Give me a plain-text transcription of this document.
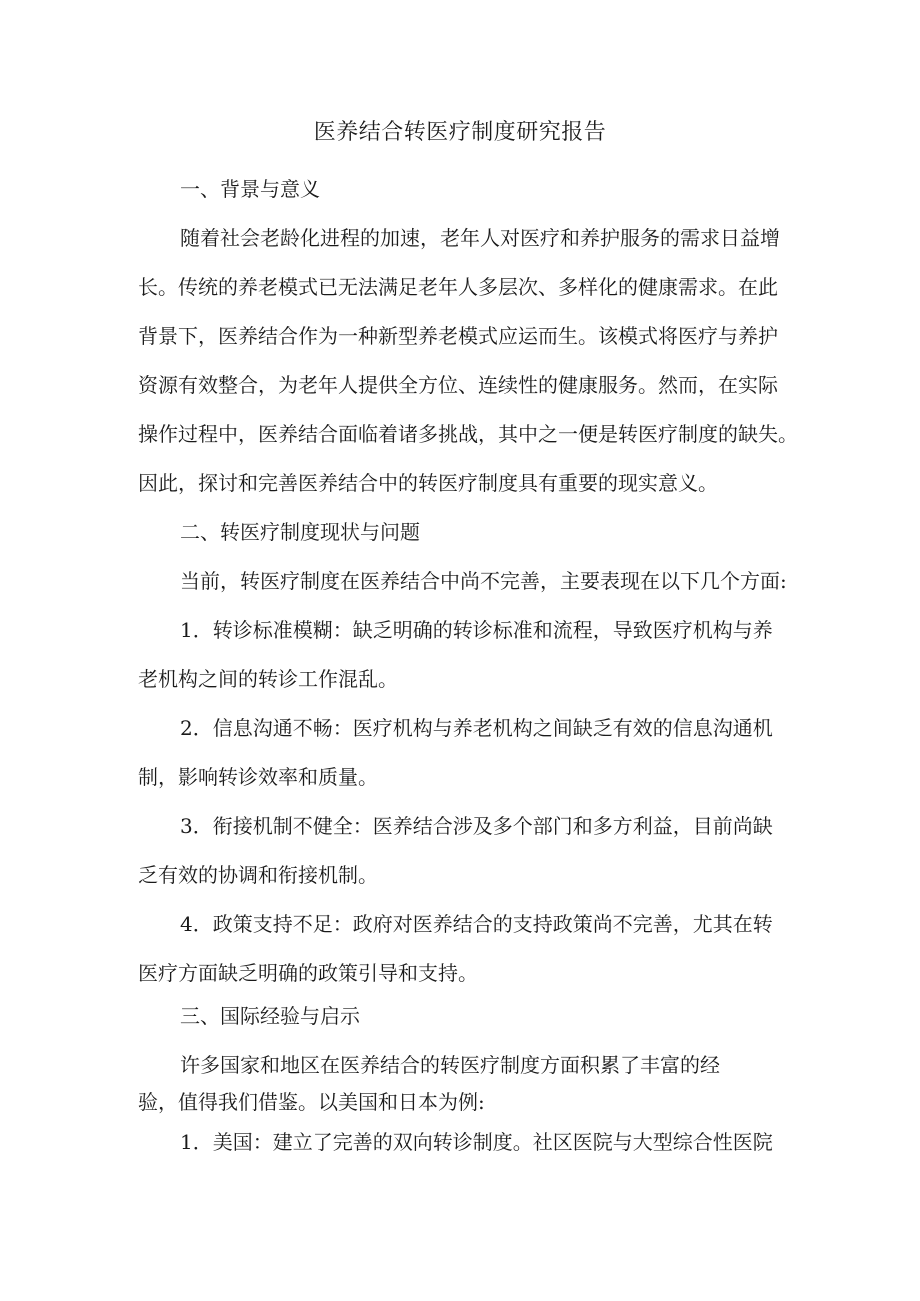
医养结合转医疗制度研究报告
一、背景与意义
随着社会老龄化进程的加速，老年人对医疗和养护服务的需求日益增
长。传统的养老模式已无法满足老年人多层次、多样化的健康需求。在此
背景下，医养结合作为一种新型养老模式应运而生。该模式将医疗与养护
资源有效整合，为老年人提供全方位、连续性的健康服务。然而，在实际
操作过程中，医养结合面临着诸多挑战，其中之一便是转医疗制度的缺失。
因此，探讨和完善医养结合中的转医疗制度具有重要的现实意义。
二、转医疗制度现状与问题
当前，转医疗制度在医养结合中尚不完善，主要表现在以下几个方面:
1．转诊标准模糊：缺乏明确的转诊标准和流程，导致医疗机构与养
老机构之间的转诊工作混乱。
2．信息沟通不畅：医疗机构与养老机构之间缺乏有效的信息沟通机
制，影响转诊效率和质量。
3．衔接机制不健全：医养结合涉及多个部门和多方利益，目前尚缺
乏有效的协调和衔接机制。
4．政策支持不足：政府对医养结合的支持政策尚不完善，尤其在转
医疗方面缺乏明确的政策引导和支持。
三、国际经验与启示
许多国家和地区在医养结合的转医疗制度方面积累了丰富的经
验，值得我们借鉴。以美国和日本为例:
1．美国：建立了完善的双向转诊制度。社区医院与大型综合性医院
